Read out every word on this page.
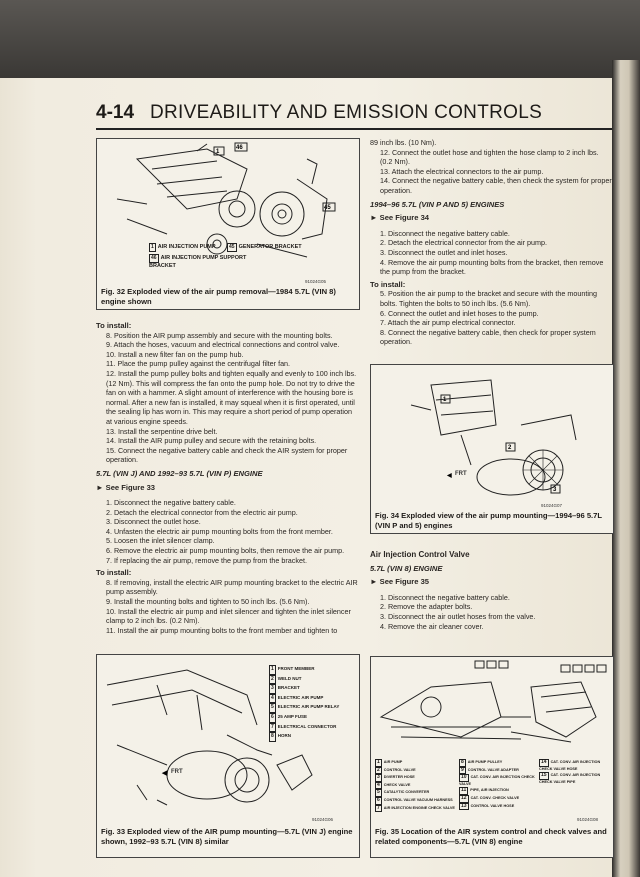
4-14 DRIVEABILITY AND EMISSION CONTROLS
1
46
45
1 AIR INJECTION PUMP	45 GENERATOR BRACKET
46 AIR INJECTION PUMP SUPPORT BRACKET
91024G05
Fig. 32 Exploded view of the air pump removal—1984 5.7L (VIN 8) engine shown

To install:

8. Position the AIR pump assembly and secure with the mounting bolts.

9. Attach the hoses, vacuum and electrical connections and control valve.

10. Install a new filter fan on the pump hub.

11. Place the pump pulley against the centrifugal filter fan.

12. Install the pump pulley bolts and tighten equally and evenly to 100 inch lbs. (12 Nm). This will compress the fan onto the pump hole. Do not try to drive the fan on with a hammer. A slight amount of interference with the housing bore is normal. After a new fan is installed, it may squeal when it is first operated, until the sealing lip has worn in. This may require a short period of pump operation at various engine speeds.

13. Install the serpentine drive belt.

14. Install the AIR pump pulley and secure with the retaining bolts.

15. Connect the negative battery cable and check the AIR system for proper operation.

5.7L (VIN J) AND 1992–93 5.7L (VIN P) ENGINE

► See Figure 33

1. Disconnect the negative battery cable.

2. Detach the electrical connector from the electric air pump.

3. Disconnect the outlet hose.

4. Unfasten the electric air pump mounting bolts from the front member.

5. Loosen the inlet silencer clamp.

6. Remove the electric air pump mounting bolts, then remove the air pump.

7. If replacing the air pump, remove the pump from the bracket.

To install:

8. If removing, install the electric AIR pump mounting bracket to the electric AIR pump assembly.

9. Install the mounting bolts and tighten to 50 inch lbs. (5.6 Nm).

10. Install the electric air pump and inlet silencer and tighten the inlet silencer clamp to 2 inch lbs. (0.2 Nm).

11. Install the air pump mounting bolts to the front member and tighten to

◀ FRT
1 FRONT MEMBER
2 WELD NUT
3 BRACKET
4 ELECTRIC AIR PUMP
5 ELECTRIC AIR PUMP RELAY
6 25 AMP FUSE
7 ELECTRICAL CONNECTOR
8 HORN
91024G06
Fig. 33 Exploded view of the AIR pump mounting—5.7L (VIN J) engine shown, 1992–93 5.7L (VIN 8) similar

89 inch lbs. (10 Nm).

12. Connect the outlet hose and tighten the hose clamp to 2 inch lbs. (0.2 Nm).

13. Attach the electrical connectors to the air pump.

14. Connect the negative battery cable, then check the system for proper operation.

1994–96 5.7L (VIN P AND 5) ENGINES

► See Figure 34

1. Disconnect the negative battery cable.

2. Detach the electrical connector from the air pump.

3. Disconnect the outlet and inlet hoses.

4. Remove the air pump mounting bolts from the bracket, then remove the pump from the bracket.

To install:

5. Position the air pump to the bracket and secure with the mounting bolts. Tighten the bolts to 50 inch lbs. (5.6 Nm).

6. Connect the outlet and inlet hoses to the pump.

7. Attach the air pump electrical connector.

8. Connect the negative battery cable, then check for proper system operation.

1
2
3
◀ FRT
91024G07
Fig. 34 Exploded view of the air pump mounting—1994–96 5.7L (VIN P and 5) engines

Air Injection Control Valve

5.7L (VIN 8) ENGINE

► See Figure 35

1. Disconnect the negative battery cable.

2. Remove the adapter bolts.

3. Disconnect the air outlet hoses from the valve.

4. Remove the air cleaner cover.

1 AIR PUMP
2 CONTROL VALVE
3 DIVERTER HOSE
4 CHECK VALVE
5 CATALYTIC CONVERTER
6 CONTROL VALVE VACUUM HARNESS
7 AIR INJECTION ENGINE CHECK VALVE
8 AIR PUMP PULLEY
9 CONTROL VALVE ADAPTER
10 CAT. CONV. AIR INJECTION CHECK VALVE
11 PIPE, AIR INJECTION
12 CAT. CONV. CHECK VALVE
13 CONTROL VALVE HOSE
14 CAT. CONV. AIR INJECTION CHECK VALVE HOSE
15 CAT. CONV. AIR INJECTION CHECK VALVE PIPE
91024G08
Fig. 35 Location of the AIR system control and check valves and related components—5.7L (VIN 8) engine
